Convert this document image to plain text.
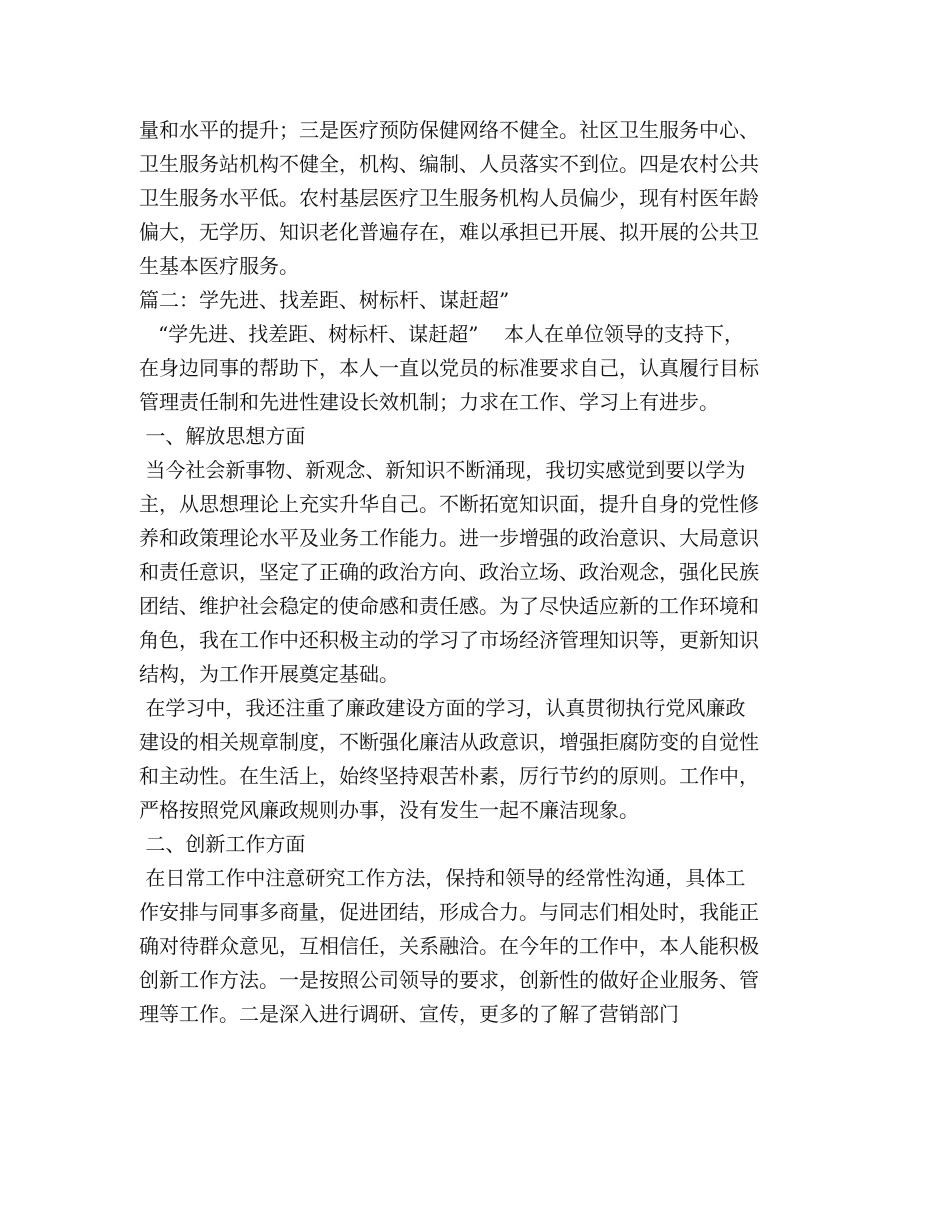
量和水平的提升；三是医疗预防保健网络不健全。社区卫生服务中心、
卫生服务站机构不健全，机构、编制、人员落实不到位。四是农村公共
卫生服务水平低。农村基层医疗卫生服务机构人员偏少，现有村医年龄
偏大，无学历、知识老化普遍存在，难以承担已开展、拟开展的公共卫
生基本医疗服务。
篇二：学先进、找差距、树标杆、谋赶超”
“学先进、找差距、树标杆、谋赶超”    本人在单位领导的支持下，
在身边同事的帮助下，本人一直以党员的标准要求自己，认真履行目标
管理责任制和先进性建设长效机制；力求在工作、学习上有进步。
一、解放思想方面
当今社会新事物、新观念、新知识不断涌现，我切实感觉到要以学为
主，从思想理论上充实升华自己。不断拓宽知识面，提升自身的党性修
养和政策理论水平及业务工作能力。进一步增强的政治意识、大局意识
和责任意识，坚定了正确的政治方向、政治立场、政治观念，强化民族
团结、维护社会稳定的使命感和责任感。为了尽快适应新的工作环境和
角色，我在工作中还积极主动的学习了市场经济管理知识等，更新知识
结构，为工作开展奠定基础。
在学习中，我还注重了廉政建设方面的学习，认真贯彻执行党风廉政
建设的相关规章制度，不断强化廉洁从政意识，增强拒腐防变的自觉性
和主动性。在生活上，始终坚持艰苦朴素，厉行节约的原则。工作中，
严格按照党风廉政规则办事，没有发生一起不廉洁现象。
二、创新工作方面
在日常工作中注意研究工作方法，保持和领导的经常性沟通，具体工
作安排与同事多商量，促进团结，形成合力。与同志们相处时，我能正
确对待群众意见，互相信任，关系融洽。在今年的工作中，本人能积极
创新工作方法。一是按照公司领导的要求，创新性的做好企业服务、管
理等工作。二是深入进行调研、宣传，更多的了解了营销部门
